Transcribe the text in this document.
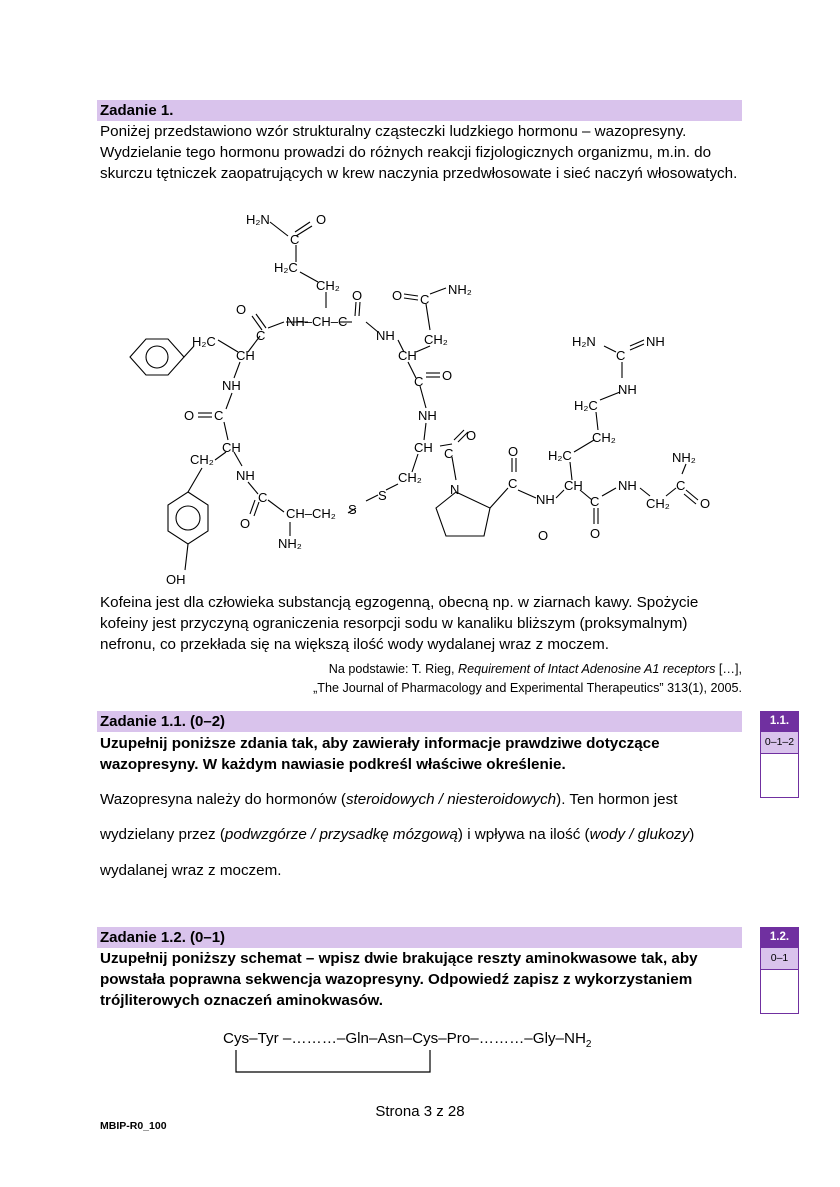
Zadanie 1.
Poniżej przedstawiono wzór strukturalny cząsteczki ludzkiego hormonu – wazopresyny. Wydzielanie tego hormonu prowadzi do różnych reakcji fizjologicznych organizmu, m.in. do skurczu tętniczek zaopatrujących w krew naczynia przedwłosowate i sieć naczyń włosowatych.
H₂N	O
C
H₂C
CH₂
NH–CH–C
O
O
NH
O C
NH₂
CH₂
CH
C O
NH
H₂C
CH
C
NH
O C
CH
CH₂
NH
C
O
CH–CH₂ S
S
NH₂
OH
CH C
O
CH₂
N	C
O
NH
CH
H₂C
CH₂
H₂C
NH
C
H₂N	NH
C
O
NH
CH₂
C
NH₂
O
O
Kofeina jest dla człowieka substancją egzogenną, obecną np. w ziarnach kawy. Spożycie kofeiny jest przyczyną ograniczenia resorpcji sodu w kanaliku bliższym (proksymalnym) nefronu, co przekłada się na większą ilość wody wydalanej wraz z moczem.
Na podstawie: T. Rieg, Requirement of Intact Adenosine A1 receptors […],
„The Journal of Pharmacology and Experimental Therapeutics” 313(1), 2005.
Zadanie 1.1. (0–2)
Uzupełnij poniższe zdania tak, aby zawierały informacje prawdziwe dotyczące wazopresyny. W każdym nawiasie podkreśl właściwe określenie.
1.1.
0–1–2
Wazopresyna należy do hormonów (steroidowych / niesteroidowych). Ten hormon jest
wydzielany przez (podwzgórze / przysadkę mózgową) i wpływa na ilość (wody / glukozy)
wydalanej wraz z moczem.
Zadanie 1.2. (0–1)
Uzupełnij poniższy schemat – wpisz dwie brakujące reszty aminokwasowe tak, aby powstała poprawna sekwencja wazopresyny. Odpowiedź zapisz z wykorzystaniem trójliterowych oznaczeń aminokwasów.
1.2.
0–1
Cys–Tyr $-\dots\dots\dots-Gln-Asn-Cys-Pro-\dots\dots\dots-Gly-NH_2$
Strona 3 z 28
MBIP-R0_100
